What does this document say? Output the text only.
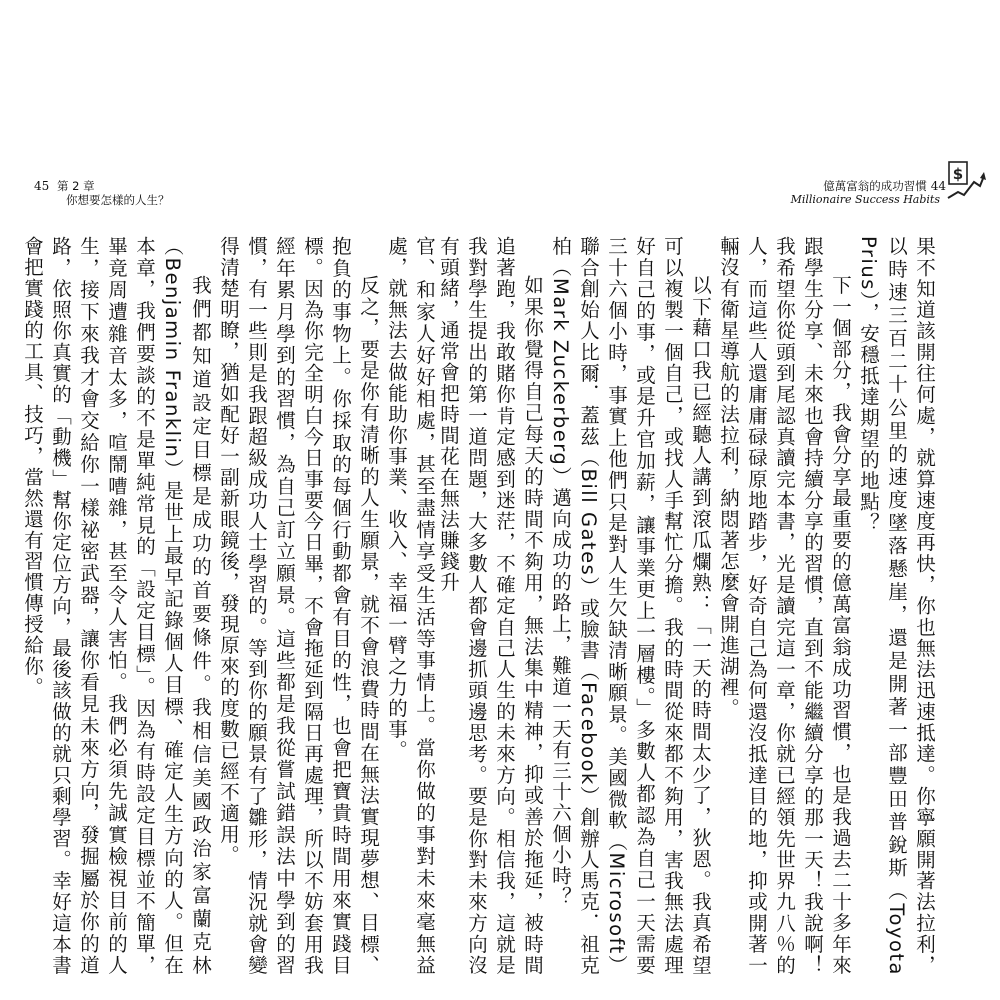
45 第 2 章
你想要怎樣的人生？

官、和家人好好相處，甚至盡情享受生活等事情上。當你做的事對未來毫無益處，就無法去做能助你事業、收入、幸福一臂之力的事。

反之，要是你有清晰的人生願景，就不會浪費時間在無法實現夢想、目標、抱負的事物上。你採取的每個行動都會有目的性，也會把寶貴時間用來實踐目標。因為你完全明白今日事要今日畢，不會拖延到隔日再處理，所以不妨套用我經年累月學到的習慣，為自己訂立願景。這些都是我從嘗試錯誤法中學到的習慣，有一些則是我跟超級成功人士學習的。等到你的願景有了雛形，情況就會變得清楚明瞭，猶如配好一副新眼鏡後，發現原來的度數已經不適用。

我們都知道設定目標是成功的首要條件。我相信美國政治家富蘭克林（Benjamin Franklin）是世上最早記錄個人目標、確定人生方向的人。但在本章，我們要談的不是單純常見的「設定目標」。因為有時設定目標並不簡單，畢竟周遭雜音太多，喧鬧嘈雜，甚至令人害怕。我們必須先誠實檢視目前的人生，接下來我才會交給你一樣祕密武器，讓你看見未來方向，發掘屬於你的道路，依照你真實的「動機」幫你定位方向，最後該做的就只剩學習。幸好這本書會把實踐的工具、技巧，當然還有習慣傳授給你。

億萬富翁的成功習慣 44
Millionaire Success Habits
$

果不知道該開往何處，就算速度再快，你也無法迅速抵達。你寧願開著法拉利，以時速三百二十公里的速度墜落懸崖，還是開著一部豐田普銳斯（Toyota Prius），安穩抵達期望的地點？

下一個部分，我會分享最重要的億萬富翁成功習慣，也是我過去二十多年來跟學生分享、未來也會持續分享的習慣，直到不能繼續分享的那一天！我說啊！我希望你從頭到尾認真讀完本書，光是讀完這一章，你就已經領先世界九八％的人，而這些人還庸庸碌碌原地踏步，好奇自己為何還沒抵達目的地，抑或開著一輛沒有衛星導航的法拉利，納悶著怎麼會開進湖裡。

以下藉口我已經聽人講到滾瓜爛熟：「一天的時間太少了，狄恩。我真希望可以複製一個自己，或找人手幫忙分擔。我的時間從來都不夠用，害我無法處理好自己的事，或是升官加薪，讓事業更上一層樓。」多數人都認為自己一天需要三十六個小時，事實上他們只是對人生欠缺清晰願景。美國微軟（Microsoft）聯合創始人比爾．蓋茲（Bill Gates）或臉書（Facebook）創辦人馬克．祖克柏（Mark Zuckerberg）邁向成功的路上，難道一天有三十六個小時？

如果你覺得自己每天的時間不夠用，無法集中精神，抑或善於拖延，被時間追著跑，我敢賭你肯定感到迷茫，不確定自己人生的未來方向。相信我，這就是我對學生提出的第一道問題，大多數人都會邊抓頭邊思考。要是你對未來方向沒有頭緒，通常會把時間花在無法賺錢升
